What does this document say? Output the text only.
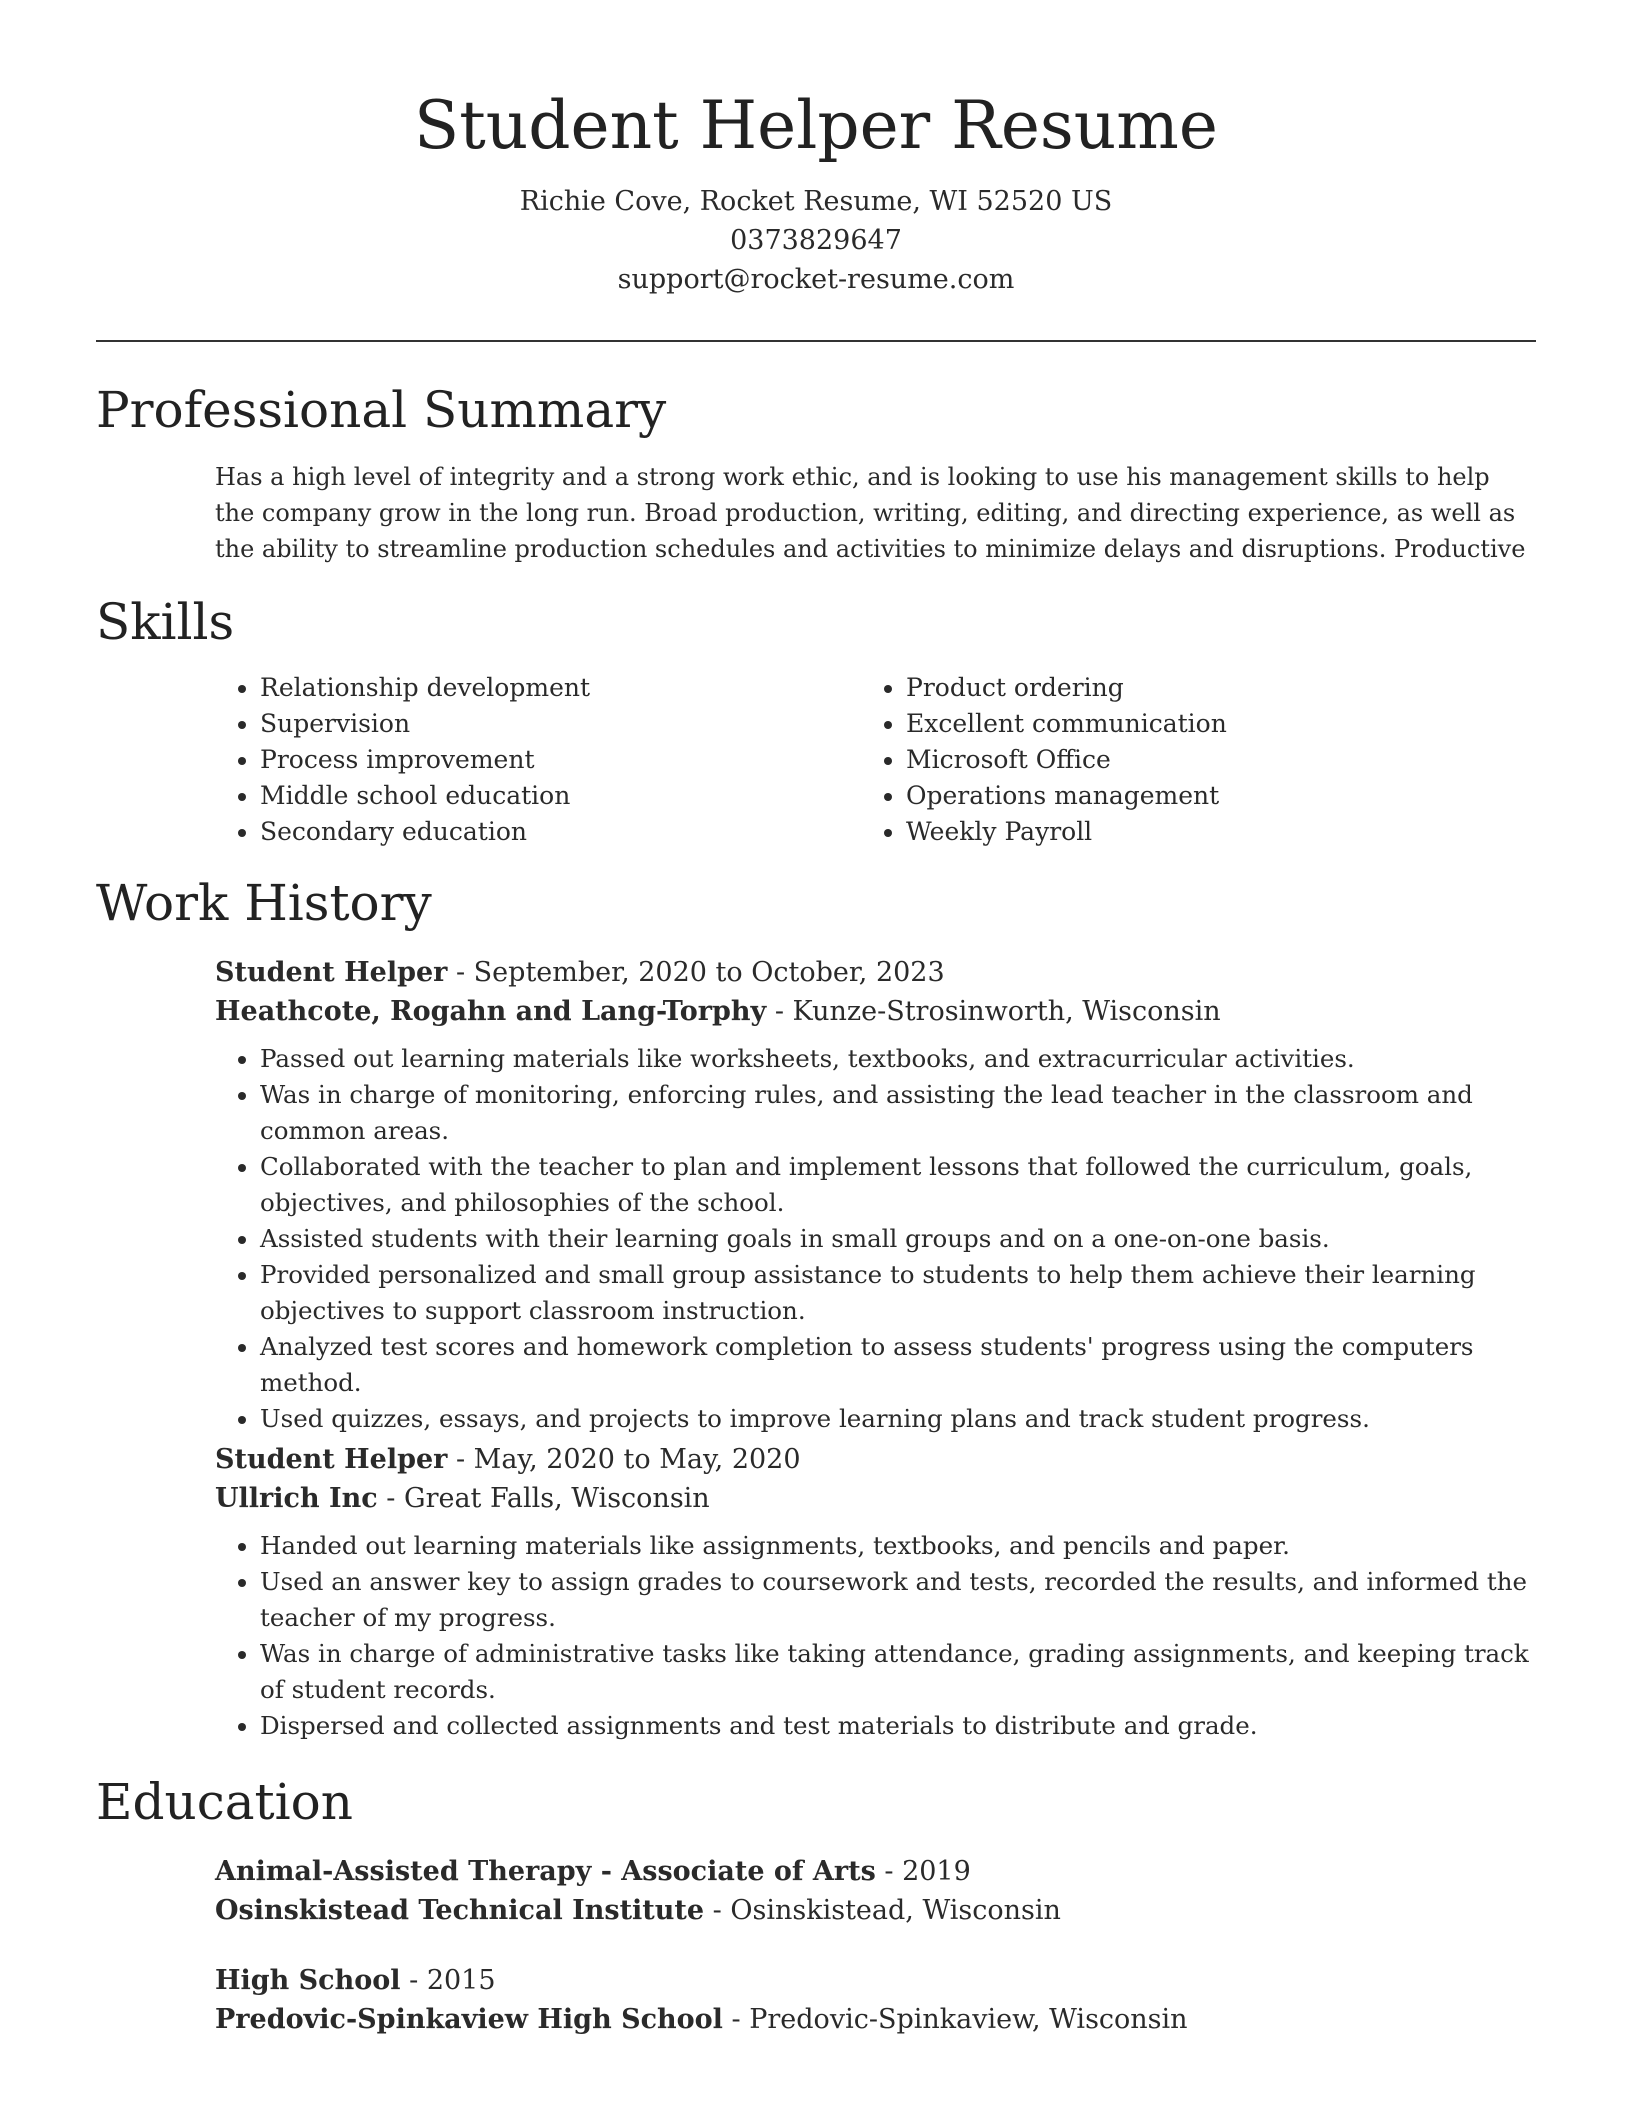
Student Helper Resume
Richie Cove, Rocket Resume, WI 52520 US
0373829647
support@rocket-resume.com
Professional Summary

Has a high level of integrity and a strong work ethic, and is looking to use his management skills to help the company grow in the long run. Broad production, writing, editing, and directing experience, as well as the ability to streamline production schedules and activities to minimize delays and disruptions. Productive

Skills
• Relationship development
• Supervision
• Process improvement
• Middle school education
• Secondary education
• Product ordering
• Excellent communication
• Microsoft Office
• Operations management
• Weekly Payroll
Work History
Student Helper - September, 2020 to October, 2023
Heathcote, Rogahn and Lang-Torphy - Kunze-Strosinworth, Wisconsin
• Passed out learning materials like worksheets, textbooks, and extracurricular activities.
• Was in charge of monitoring, enforcing rules, and assisting the lead teacher in the classroom and common areas.
• Collaborated with the teacher to plan and implement lessons that followed the curriculum, goals, objectives, and philosophies of the school.
• Assisted students with their learning goals in small groups and on a one-on-one basis.
• Provided personalized and small group assistance to students to help them achieve their learning objectives to support classroom instruction.
• Analyzed test scores and homework completion to assess students' progress using the computers method.
• Used quizzes, essays, and projects to improve learning plans and track student progress.
Student Helper - May, 2020 to May, 2020
Ullrich Inc - Great Falls, Wisconsin
• Handed out learning materials like assignments, textbooks, and pencils and paper.
• Used an answer key to assign grades to coursework and tests, recorded the results, and informed the teacher of my progress.
• Was in charge of administrative tasks like taking attendance, grading assignments, and keeping track of student records.
• Dispersed and collected assignments and test materials to distribute and grade.
Education
Animal-Assisted Therapy - Associate of Arts - 2019
Osinskistead Technical Institute - Osinskistead, Wisconsin
High School - 2015
Predovic-Spinkaview High School - Predovic-Spinkaview, Wisconsin
